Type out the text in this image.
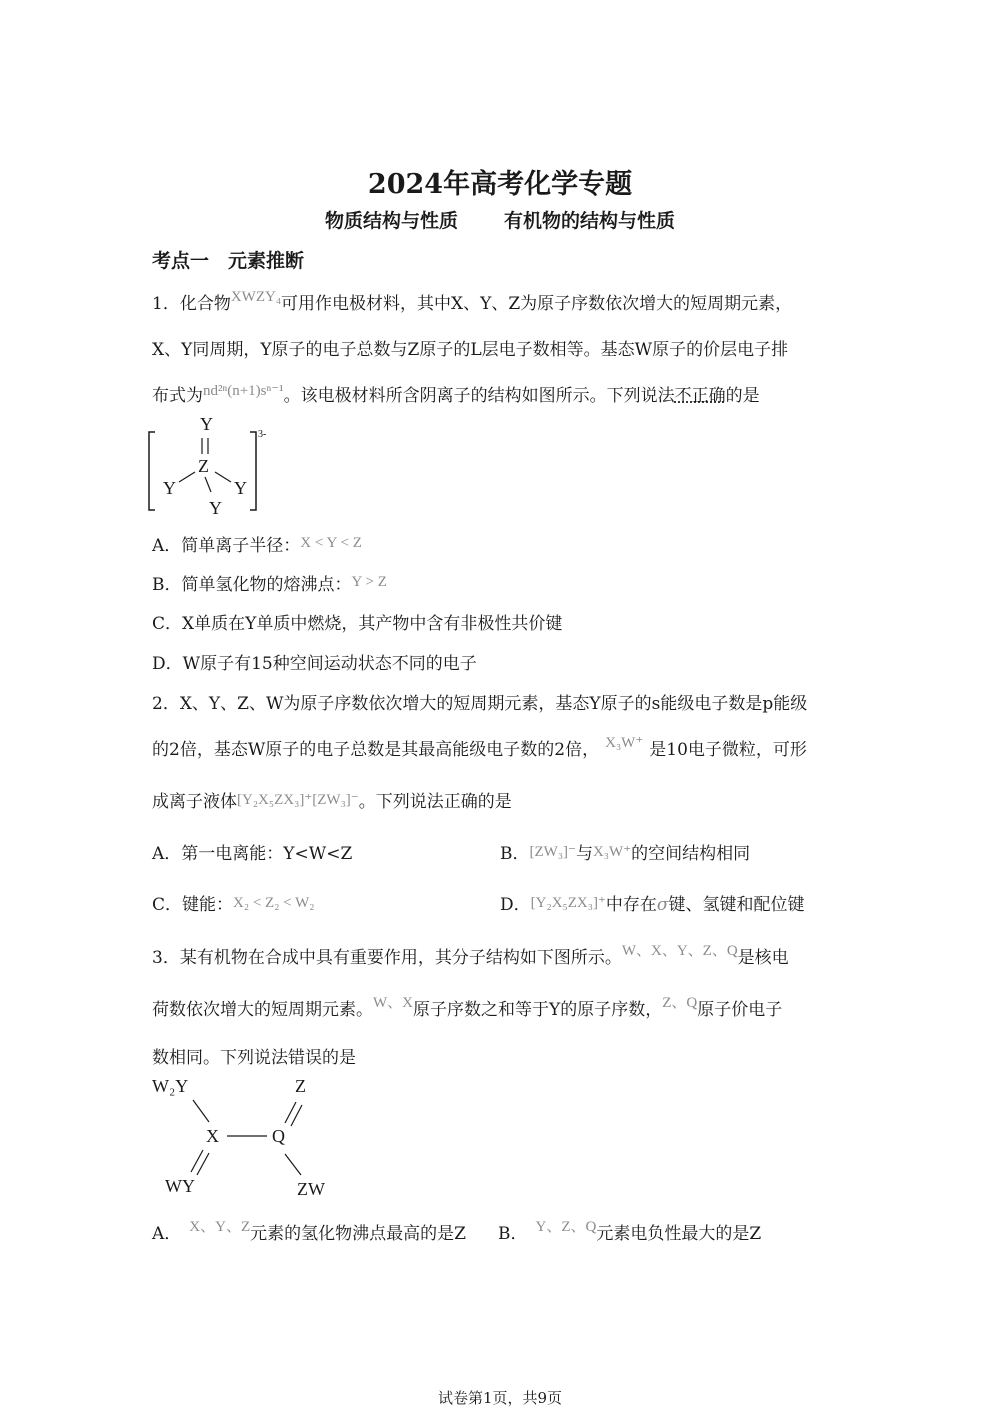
2024年高考化学专题
物质结构与性质 有机物的结构与性质
考点一　元素推断
1．化合物XWZY₄可用作电极材料，其中X、Y、Z为原子序数依次增大的短周期元素，
X、Y同周期，Y原子的电子总数与Z原子的L层电子数相等。基态W原子的价层电子排
布式为nd²ⁿ(n+1)sⁿ⁻¹。该电极材料所含阴离子的结构如图所示。下列说法不正确的是
3-
Y
Z
Y	Y
Y
A．简单离子半径：X < Y < Z
B．简单氢化物的熔沸点：Y > Z
C．X单质在Y单质中燃烧，其产物中含有非极性共价键
D．W原子有15种空间运动状态不同的电子
2．X、Y、Z、W为原子序数依次增大的短周期元素，基态Y原子的s能级电子数是p能级
的2倍，基态W原子的电子总数是其最高能级电子数的2倍， X₃W⁺ 是10电子微粒，可形
成离子液体[Y₂X₅ZX₃]⁺[ZW₃]⁻。下列说法正确的是
A．第一电离能：Y<W<Z	B．[ZW₃]⁻与X₃W⁺的空间结构相同
C．键能：X₂ < Z₂ < W₂	D．[Y₂X₅ZX₃]⁺中存在σ键、氢键和配位键
3．某有机物在合成中具有重要作用，其分子结构如下图所示。W、X、Y、Z、Q是核电
荷数依次增大的短周期元素。W、X原子序数之和等于Y的原子序数，Z、Q原子价电子
数相同。下列说法错误的是
W₂Y
X	Q
Z
WY	ZW
A． X、Y、Z元素的氢化物沸点最高的是Z B． Y、Z、Q元素电负性最大的是Z
试卷第1页，共9页
